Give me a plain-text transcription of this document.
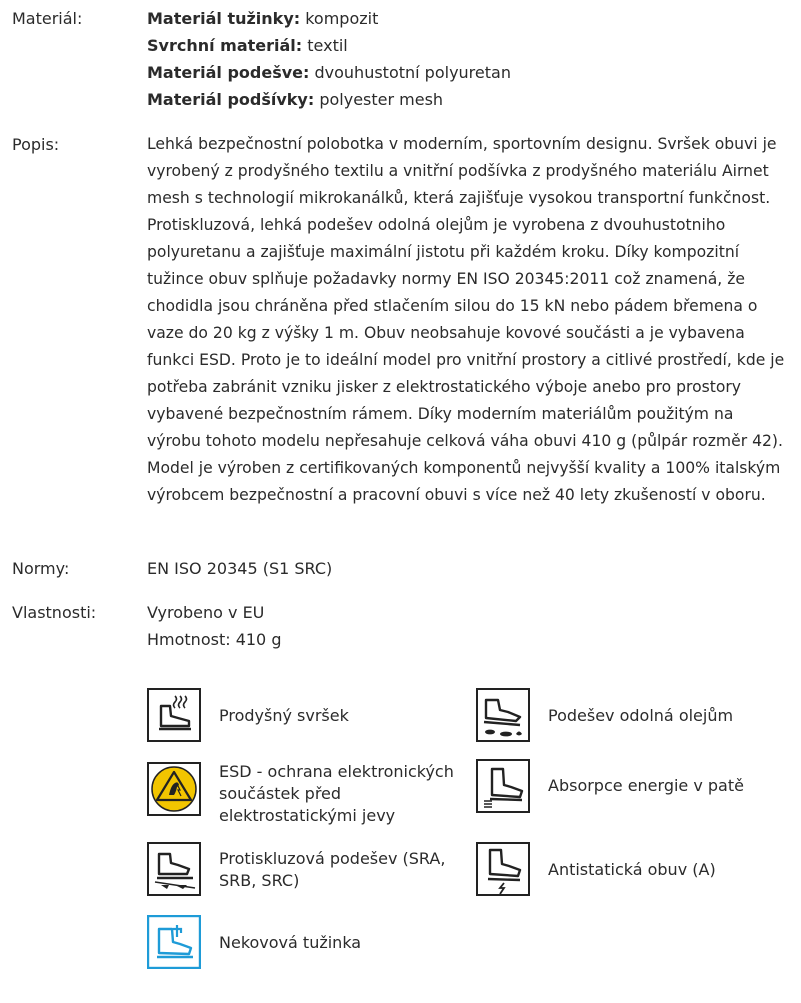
Materiál:	Materiál tužinky: kompozit
Svrchní materiál: textil
Materiál podešve: dvouhustotní polyuretan
Materiál podšívky: polyester mesh
Popis:	Lehká bezpečnostní polobotka v moderním, sportovním designu. Svršek obuvi je vyrobený z prodyšného textilu a vnitřní podšívka z prodyšného materiálu Airnet mesh s technologií mikrokanálků, která zajišťuje vysokou transportní funkčnost. Protiskluzová, lehká podešev odolná olejům je vyrobena z dvouhustotniho polyuretanu a zajišťuje maximální jistotu při každém kroku. Díky kompozitní tužince obuv splňuje požadavky normy EN ISO 20345:2011 což znamená, že chodidla jsou chráněna před stlačením silou do 15 kN nebo pádem břemena o vaze do 20 kg z výšky 1 m. Obuv neobsahuje kovové součásti a je vybavena funkci ESD. Proto je to ideální model pro vnitřní prostory a citlivé prostředí, kde je potřeba zabránit vzniku jisker z elektrostatického výboje anebo pro prostory vybavené bezpečnostním rámem. Díky moderním materiálům použitým na výrobu tohoto modelu nepřesahuje celková váha obuvi 410 g (půlpár rozměr 42). Model je výroben z certifikovaných komponentů nejvyšší kvality a 100% italským výrobcem bezpečnostní a pracovní obuvi s více než 40 lety zkušeností v oboru.
Normy:	EN ISO 20345 (S1 SRC)
Vlastnosti:	Vyrobeno v EU
Hmotnost: 410 g
Prodyšný svršek	Podešev odolná olejům
ESD - ochrana elektronických součástek před elektrostatickými jevy
Absorpce energie v patě
Protiskluzová podešev (SRA, SRB, SRC)
Antistatická obuv (A)
Nekovová tužinka
